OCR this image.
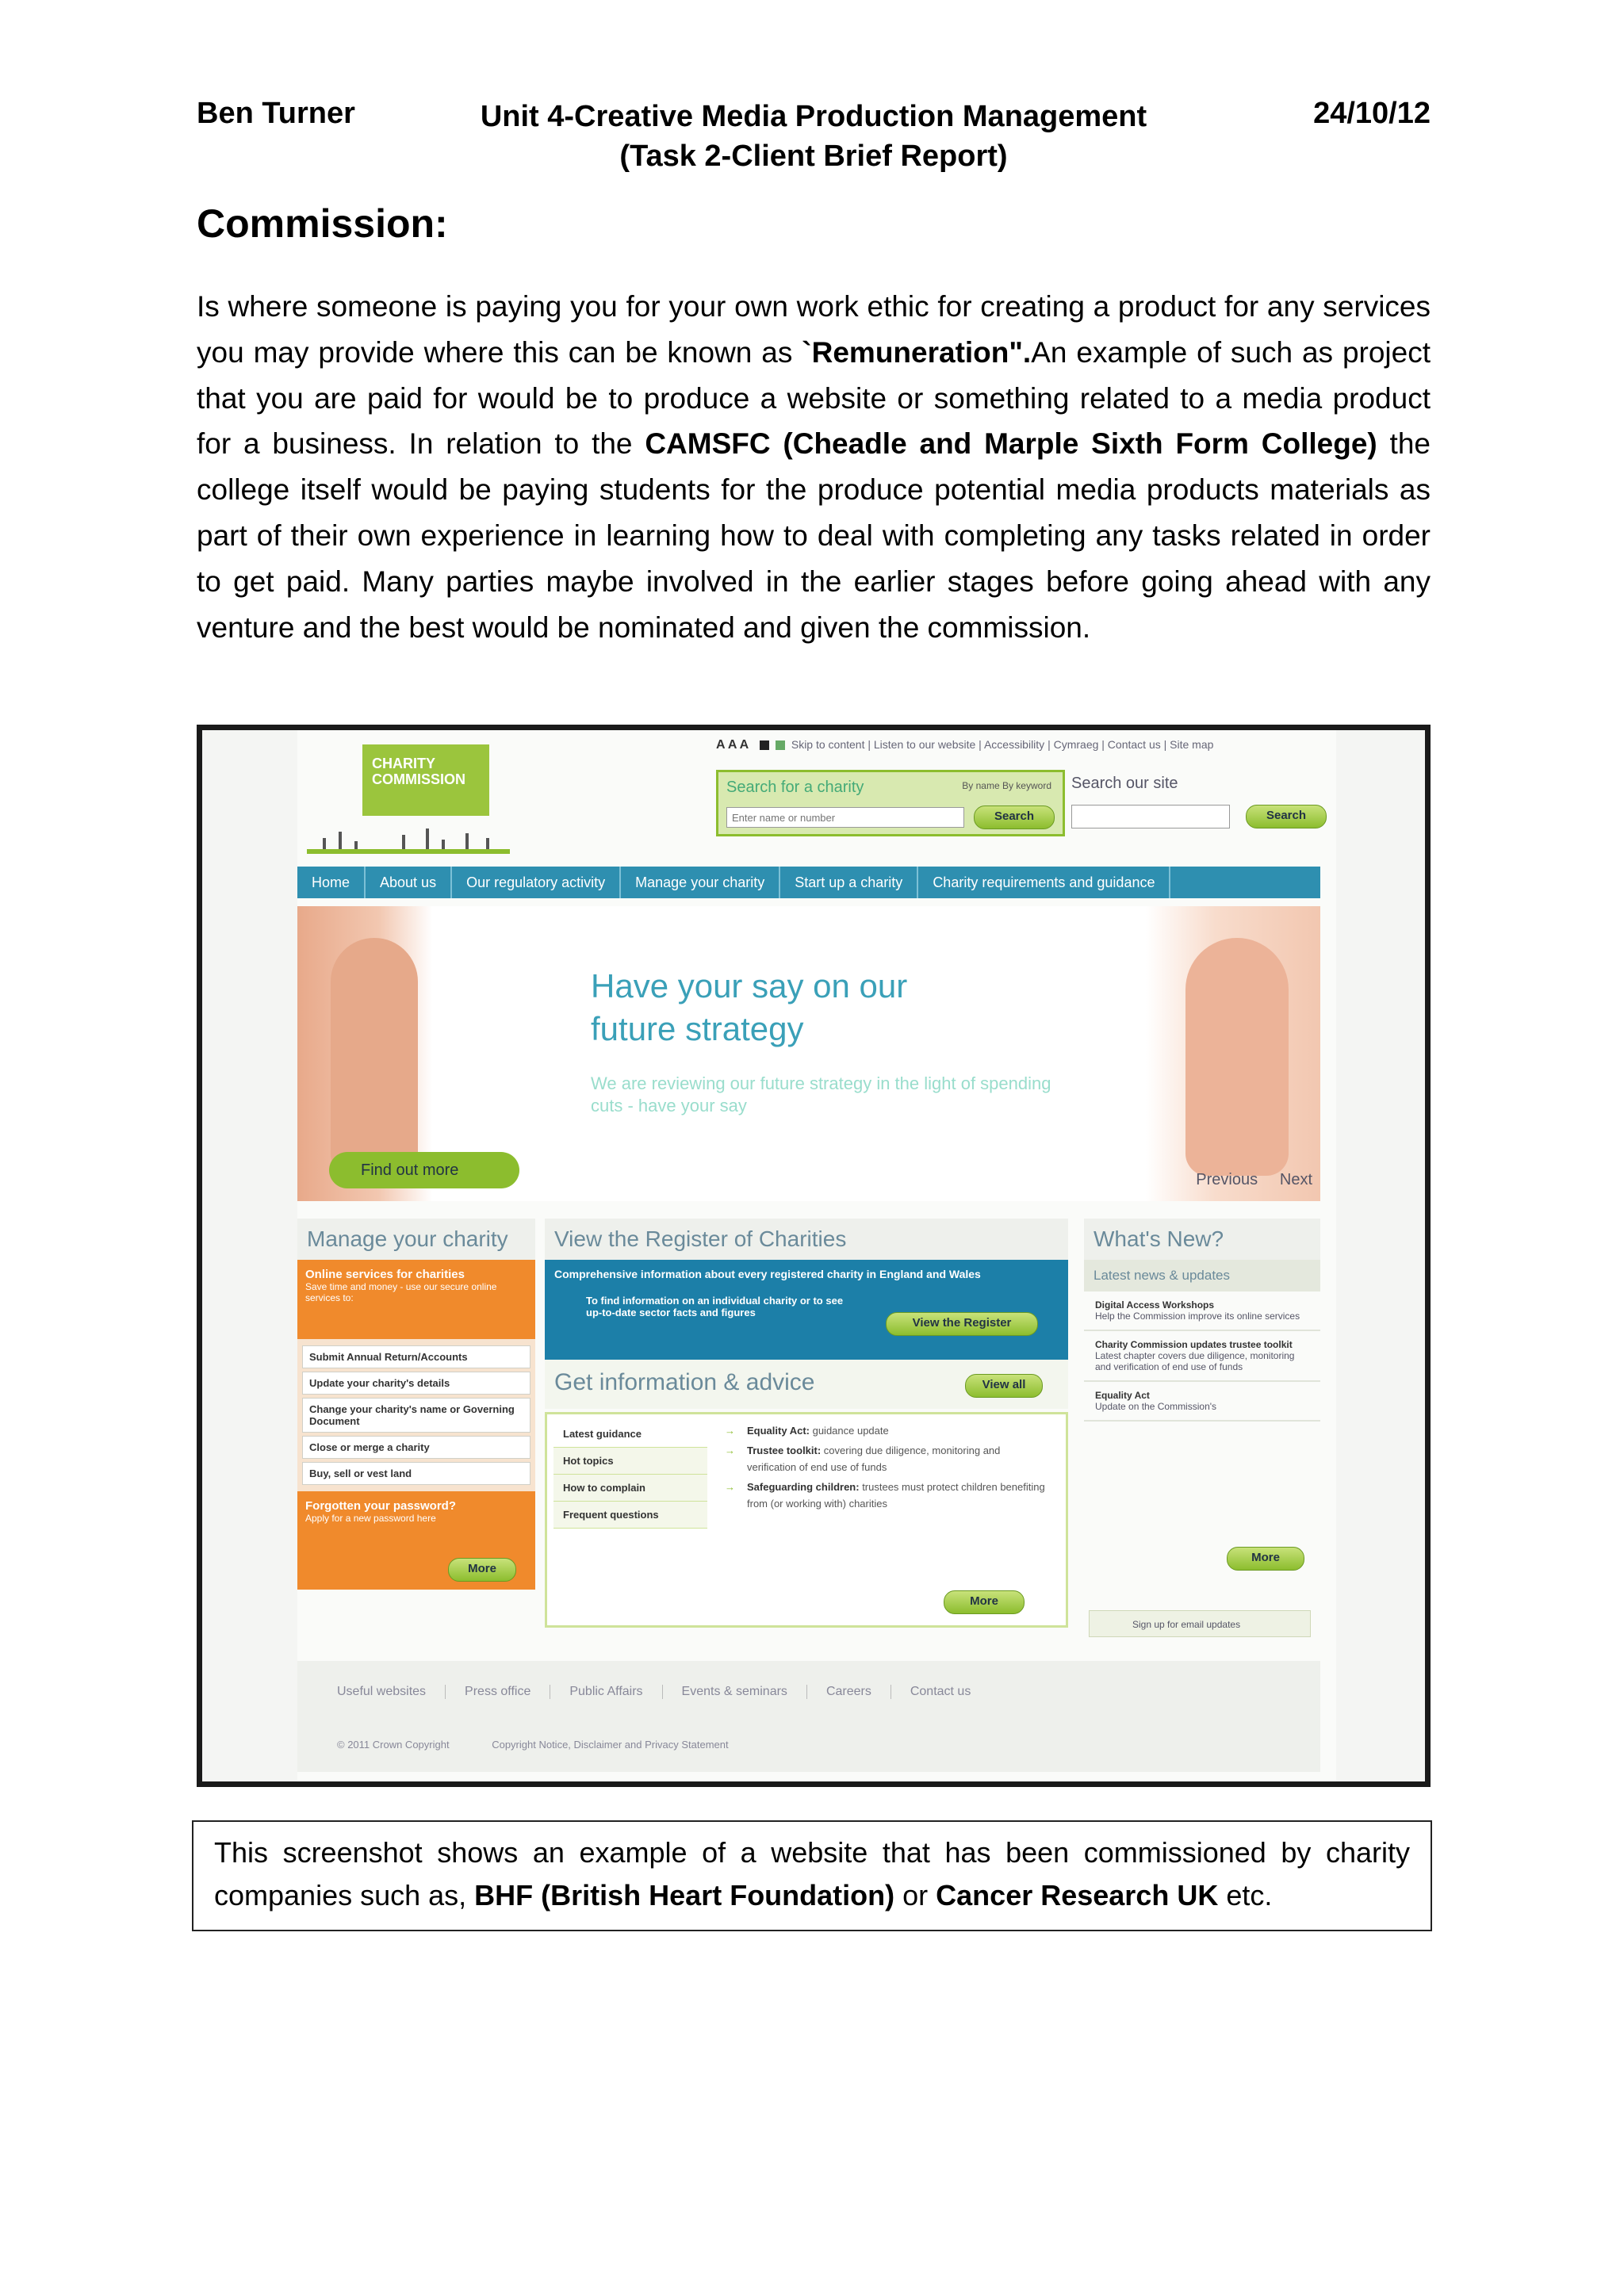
Ben Turner	Unit 4-Creative Media Production Management
(Task 2-Client Brief Report)
24/10/12
Commission:
Is where someone is paying you for your own work ethic for creating a product for any services you may provide where this can be known as `Remuneration".An example of such as project that you are paid for would be to produce a website or something related to a media product for a business. In relation to the CAMSFC (Cheadle and Marple Sixth Form College) the college itself would be paying students for the produce potential media products materials as part of their own experience in learning how to deal with completing any tasks related in order to get paid. Many parties maybe involved in the earlier stages before going ahead with any venture and the best would be nominated and given the commission.
CHARITY
COMMISSION
A A A	Skip to content | Listen to our website | Accessibility | Cymraeg | Contact us | Site map
Search for a charity	By name By keyword
Enter name or number
Search
Search our site
Search
Home	About us	Our regulatory activity	Manage your charity	Start up a charity	Charity requirements and guidance
Have your say on our future strategy
We are reviewing our future strategy in the light of spending cuts - have your say
Find out more
Previous Next
Manage your charity
Online services for charities
Save time and money - use our secure online services to:
Submit Annual Return/Accounts
Update your charity's details
Change your charity's name or Governing Document
Close or merge a charity
Buy, sell or vest land
Forgotten your password?
Apply for a new password here
More
View the Register of Charities
Comprehensive information about every registered charity in England and Wales
To find information on an individual charity or to see up-to-date sector facts and figures
View the Register
Get information & advice	View all
Latest guidance
Hot topics
How to complain
Frequent questions
→ Equality Act: guidance update
→ Trustee toolkit: covering due diligence, monitoring and verification of end use of funds
→ Safeguarding children: trustees must protect children benefiting from (or working with) charities
More
What's New?
Latest news & updates
Digital Access Workshops
Help the Commission improve its online services
Charity Commission updates trustee toolkit
Latest chapter covers due diligence, monitoring and verification of end use of funds
Equality Act
Update on the Commission's
More
Sign up for email updates
Useful websites	Press office	Public Affairs	Events & seminars	Careers	Contact us
© 2011 Crown Copyright	Copyright Notice, Disclaimer and Privacy Statement
This screenshot shows an example of a website that has been commissioned by charity companies such as, BHF (British Heart Foundation) or Cancer Research UK etc.
